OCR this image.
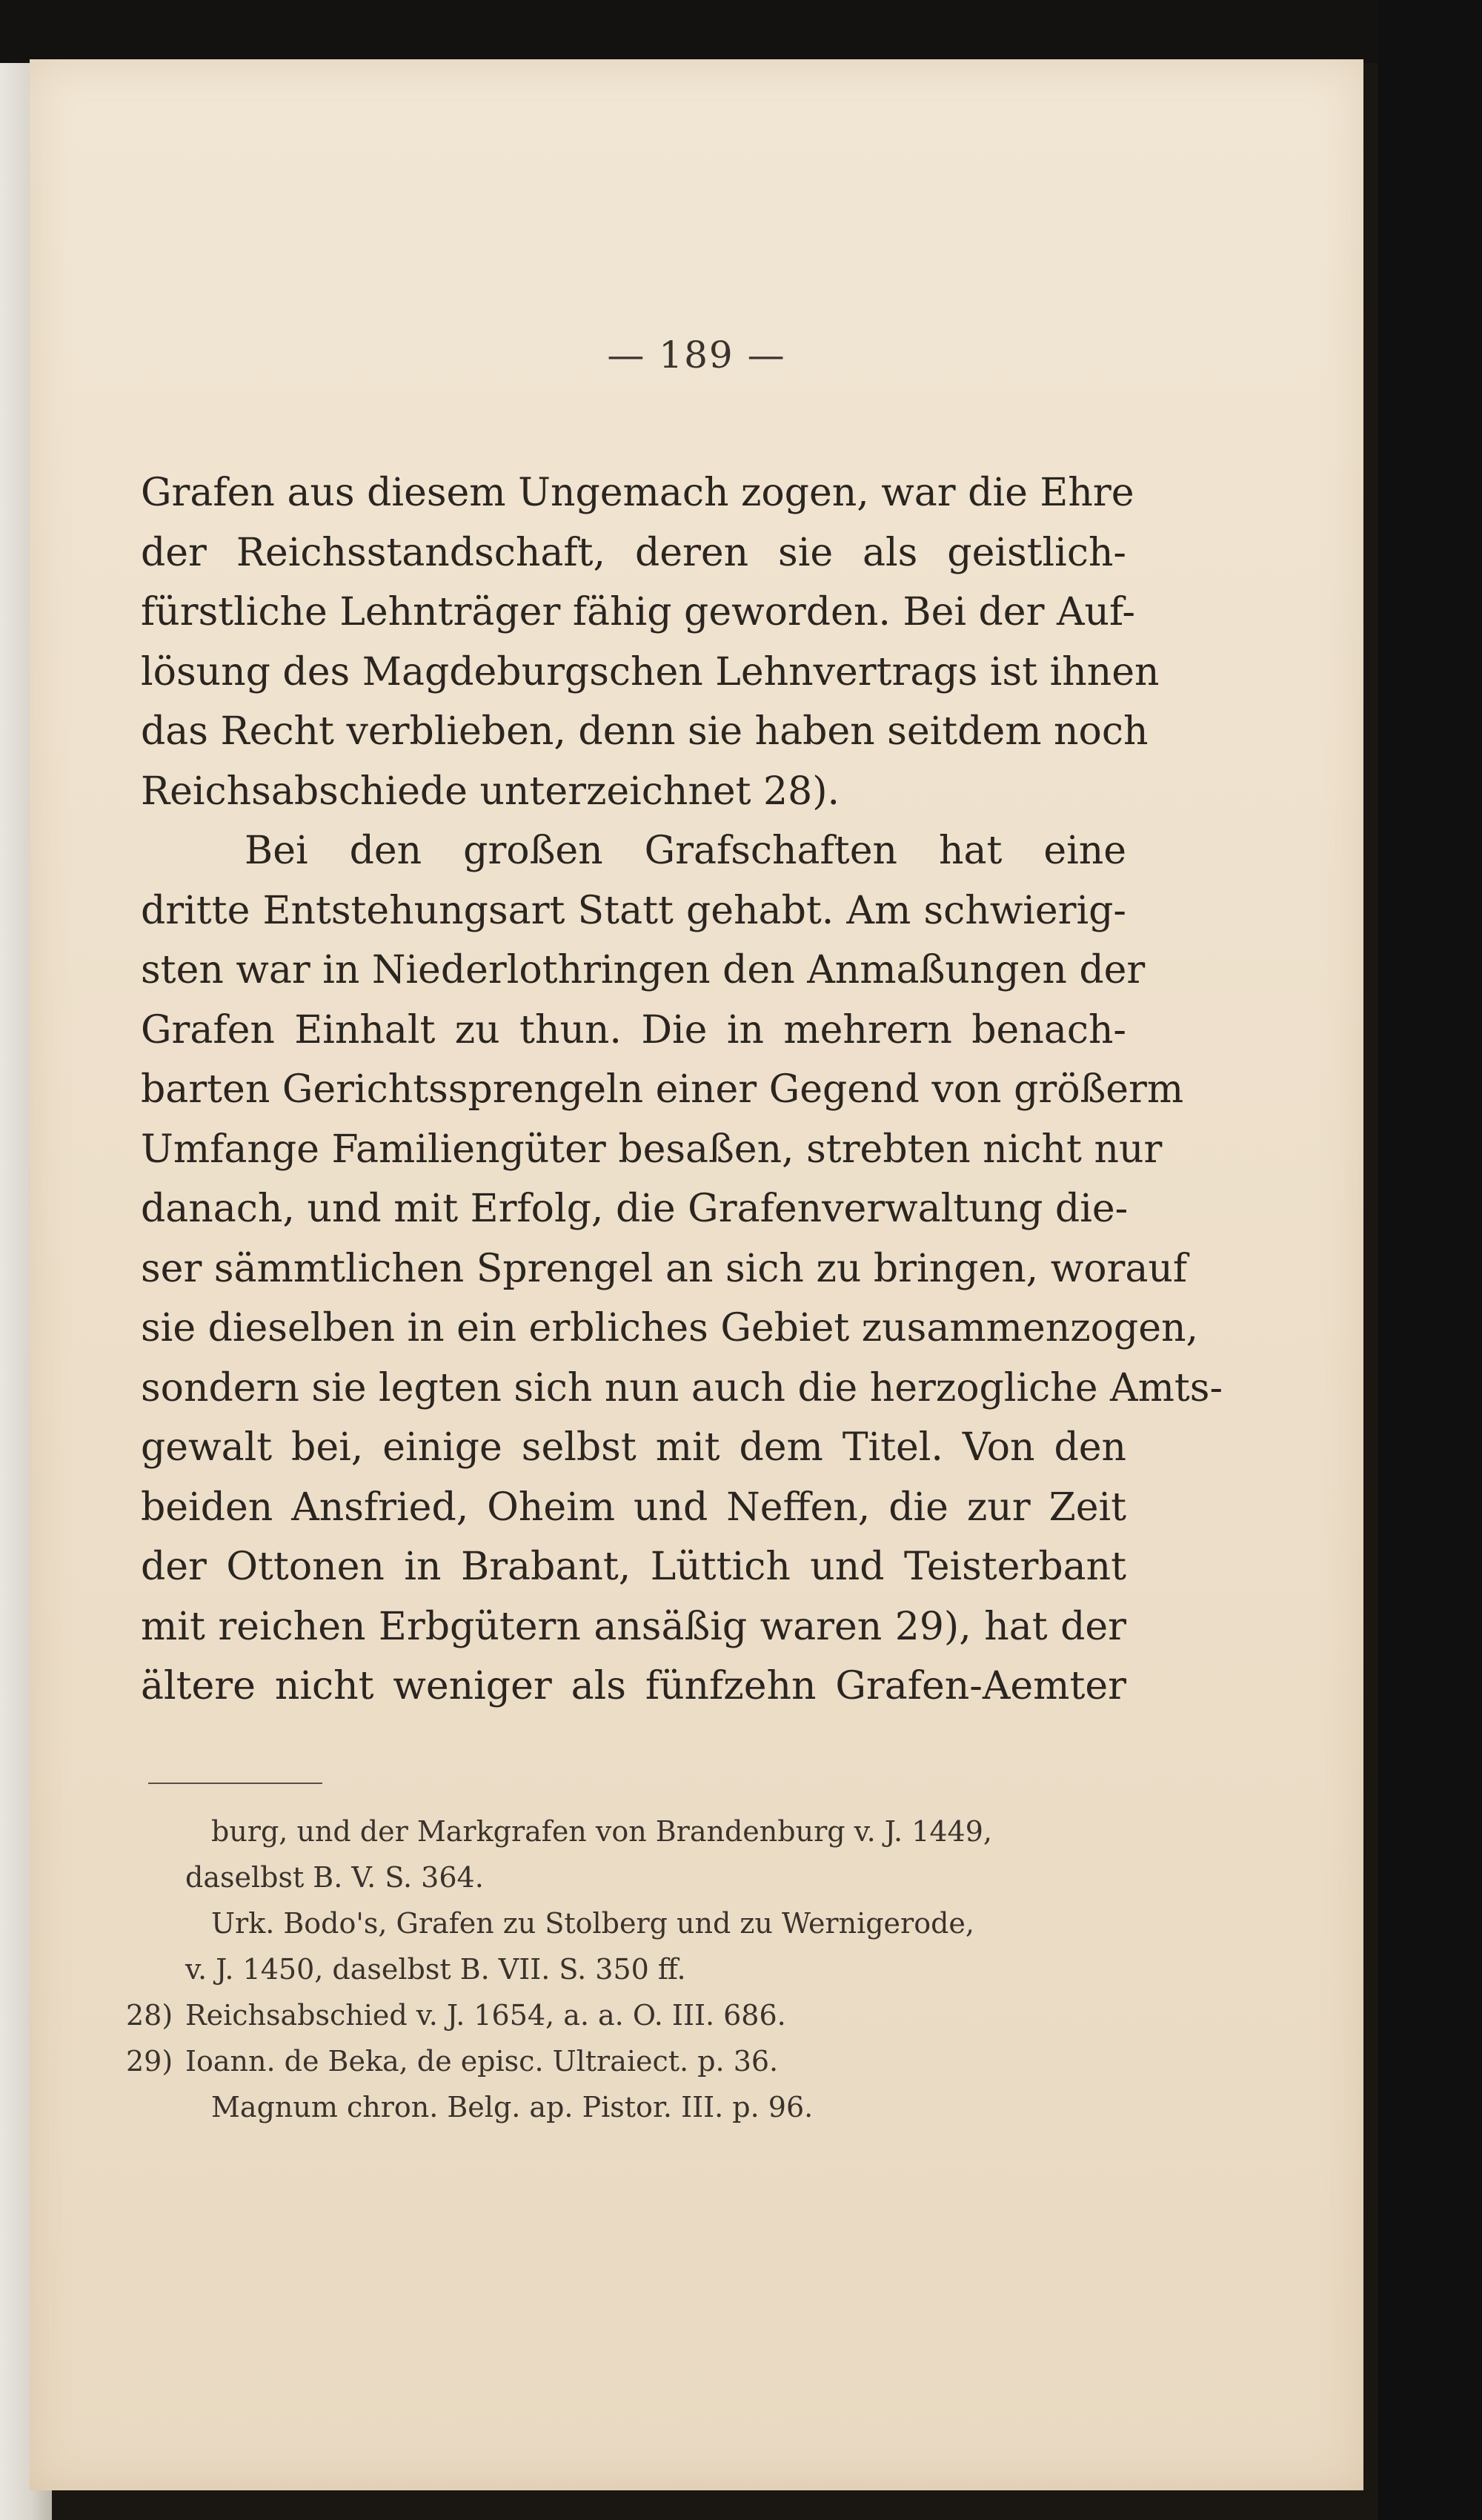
— 189 —
Grafen aus diesem Ungemach zogen, war die Ehre
der Reichsstandschaft, deren sie als geistlich-
fürstliche Lehnträger fähig geworden. Bei der Auf-
lösung des Magdeburgschen Lehnvertrags ist ihnen
das Recht verblieben, denn sie haben seitdem noch
Reichsabschiede unterzeichnet 28).
Bei den großen Grafschaften hat eine
dritte Entstehungsart Statt gehabt. Am schwierig-
sten war in Niederlothringen den Anmaßungen der
Grafen Einhalt zu thun. Die in mehrern benach-
barten Gerichtssprengeln einer Gegend von größerm
Umfange Familiengüter besaßen, strebten nicht nur
danach, und mit Erfolg, die Grafenverwaltung die-
ser sämmtlichen Sprengel an sich zu bringen, worauf
sie dieselben in ein erbliches Gebiet zusammenzogen,
sondern sie legten sich nun auch die herzogliche Amts-
gewalt bei, einige selbst mit dem Titel. Von den
beiden Ansfried, Oheim und Neffen, die zur Zeit
der Ottonen in Brabant, Lüttich und Teisterbant
mit reichen Erbgütern ansäßig waren 29), hat der
ältere nicht weniger als fünfzehn Grafen-Aemter
burg, und der Markgrafen von Brandenburg v. J. 1449,
daselbst B. V. S. 364.
Urk. Bodo's, Grafen zu Stolberg und zu Wernigerode,
v. J. 1450, daselbst B. VII. S. 350 ff.
28) Reichsabschied v. J. 1654, a. a. O. III. 686.
29) Ioann. de Beka, de episc. Ultraiect. p. 36.
Magnum chron. Belg. ap. Pistor. III. p. 96.
